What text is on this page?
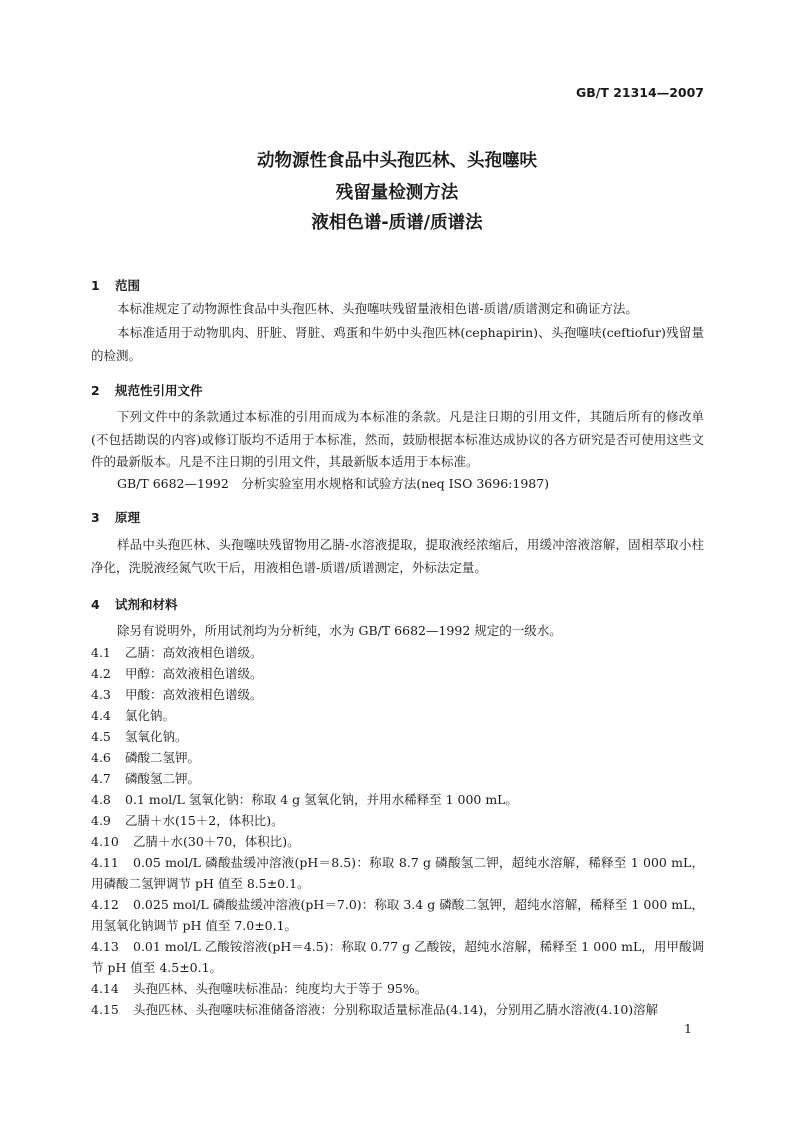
GB/T 21314—2007
动物源性食品中头孢匹林、头孢噻呋
残留量检测方法
液相色谱-质谱/质谱法
1 范围
本标准规定了动物源性食品中头孢匹林、头孢噻呋残留量液相色谱-质谱/质谱测定和确证方法。
本标准适用于动物肌肉、肝脏、肾脏、鸡蛋和牛奶中头孢匹林(cephapirin)、头孢噻呋(ceftiofur)残留量的检测。
2 规范性引用文件
下列文件中的条款通过本标准的引用而成为本标准的条款。凡是注日期的引用文件，其随后所有的修改单(不包括勘误的内容)或修订版均不适用于本标准，然而，鼓励根据本标准达成协议的各方研究是否可使用这些文件的最新版本。凡是不注日期的引用文件，其最新版本适用于本标准。
GB/T 6682—1992　分析实验室用水规格和试验方法(neq ISO 3696:1987)
3 原理
样品中头孢匹林、头孢噻呋残留物用乙腈-水溶液提取，提取液经浓缩后，用缓冲溶液溶解，固相萃取小柱净化，洗脱液经氮气吹干后，用液相色谱-质谱/质谱测定，外标法定量。
4 试剂和材料
除另有说明外，所用试剂均为分析纯，水为 GB/T 6682—1992 规定的一级水。
4.1 乙腈：高效液相色谱级。
4.2 甲醇：高效液相色谱级。
4.3 甲酸：高效液相色谱级。
4.4 氯化钠。
4.5 氢氧化钠。
4.6 磷酸二氢钾。
4.7 磷酸氢二钾。
4.8 0.1 mol/L 氢氧化钠：称取 4 g 氢氧化钠，并用水稀释至 1 000 mL。
4.9 乙腈＋水(15＋2，体积比)。
4.10 乙腈＋水(30＋70，体积比)。
4.11 0.05 mol/L 磷酸盐缓冲溶液(pH＝8.5)：称取 8.7 g 磷酸氢二钾，超纯水溶解，稀释至 1 000 mL，用磷酸二氢钾调节 pH 值至 8.5±0.1。
4.12 0.025 mol/L 磷酸盐缓冲溶液(pH＝7.0)：称取 3.4 g 磷酸二氢钾，超纯水溶解，稀释至 1 000 mL，用氢氧化钠调节 pH 值至 7.0±0.1。
4.13 0.01 mol/L 乙酸铵溶液(pH＝4.5)：称取 0.77 g 乙酸铵，超纯水溶解，稀释至 1 000 mL，用甲酸调节 pH 值至 4.5±0.1。
4.14 头孢匹林、头孢噻呋标准品：纯度均大于等于 95%。
4.15 头孢匹林、头孢噻呋标准储备溶液：分别称取适量标准品(4.14)，分别用乙腈水溶液(4.10)溶解
1
